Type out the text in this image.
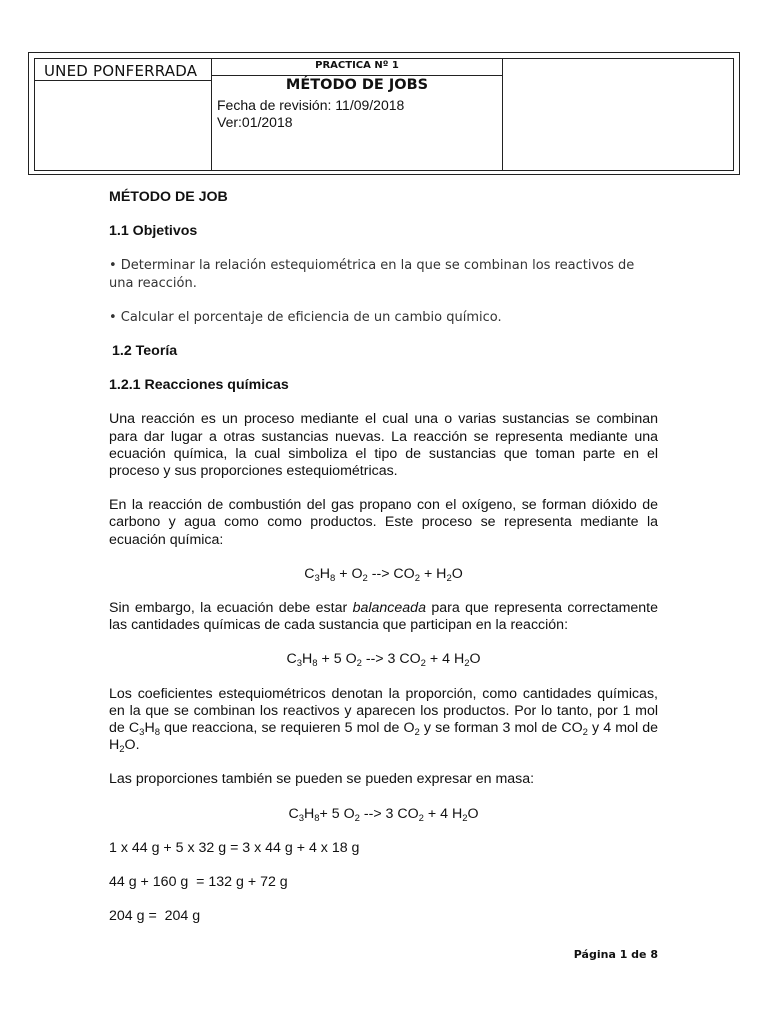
UNED PONFERRADA	PRACTICA Nº 1
MÉTODO DE JOBS
Fecha de revisión: 11/09/2018
Ver:01/2018

MÉTODO DE JOB

1.1 Objetivos

• Determinar la relación estequiométrica en la que se combinan los reactivos de una reacción.

• Calcular el porcentaje de eficiencia de un cambio químico.

1.2 Teoría

1.2.1 Reacciones químicas

Una reacción es un proceso mediante el cual una o varias sustancias se combinan para dar lugar a otras sustancias nuevas. La reacción se representa mediante una ecuación química, la cual simboliza el tipo de sustancias que toman parte en el proceso y sus proporciones estequiométricas.

En la reacción de combustión del gas propano con el oxígeno, se forman dióxido de carbono y agua como como productos. Este proceso se representa mediante la ecuación química:

$C_3H_8 + O_2$ --> $CO_2 + H_2O$

Sin embargo, la ecuación debe estar balanceada para que representa correctamente las cantidades químicas de cada sustancia que participan en la reacción:

$C_3H_8 + 5$ $O_2$ --> 3 $CO_2 + 4$ $H_2O$

Los coeficientes estequiométricos denotan la proporción, como cantidades químicas, en la que se combinan los reactivos y aparecen los productos. Por lo tanto, por 1 mol de $C_3H_8$ que reacciona, se requieren 5 mol de $O_2$ y se forman 3 mol de $CO_2$ y 4 mol de $H_2O$.

Las proporciones también se pueden se pueden expresar en masa:

$C_3H_8+ 5$ $O_2$ --> 3 $CO_2 + 4$ $H_2O$

1 x 44 g + 5 x 32 g = 3 x 44 g + 4 x 18 g

44 g + 160 g  = 132 g + 72 g

204 g =  204 g

Página 1 de 8
